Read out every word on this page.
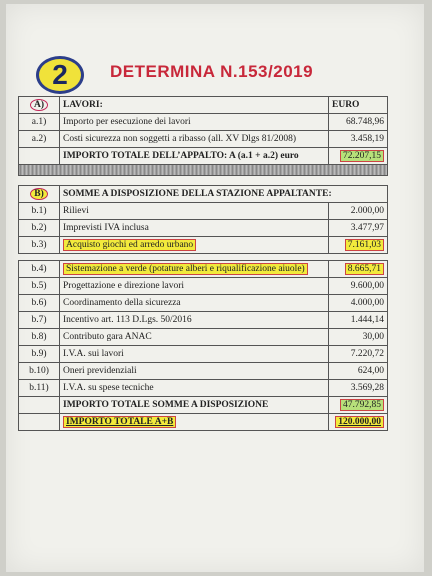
2	DETERMINA N.153/2019
A)	LAVORI:	EURO
a.1)	Importo per esecuzione dei lavori	68.748,96
a.2)	Costi sicurezza non soggetti a ribasso (all. XV Dlgs 81/2008)	3.458,19
	IMPORTO TOTALE DELL’APPALTO: A (a.1 + a.2) euro	72.207,15

B)	SOMME A DISPOSIZIONE DELLA STAZIONE APPALTANTE:	
b.1)	Rilievi	2.000,00
b.2)	Imprevisti IVA inclusa	3.477,97
b.3)	Acquisto giochi ed arredo urbano	7.161,03
b.4)	Sistemazione a verde (potature alberi e riqualificazione aiuole)	8.665,71
b.5)	Progettazione e direzione lavori	9.600,00
b.6)	Coordinamento della sicurezza	4.000,00
b.7)	Incentivo art. 113 D.Lgs. 50/2016	1.444,14
b.8)	Contributo gara ANAC	30,00
b.9)	I.V.A. sui lavori	7.220,72
b.10)	Oneri previdenziali	624,00
b.11)	I.V.A. su spese tecniche	3.569,28
	IMPORTO TOTALE SOMME A DISPOSIZIONE	47.792,85
	IMPORTO TOTALE A+B	120.000,00
